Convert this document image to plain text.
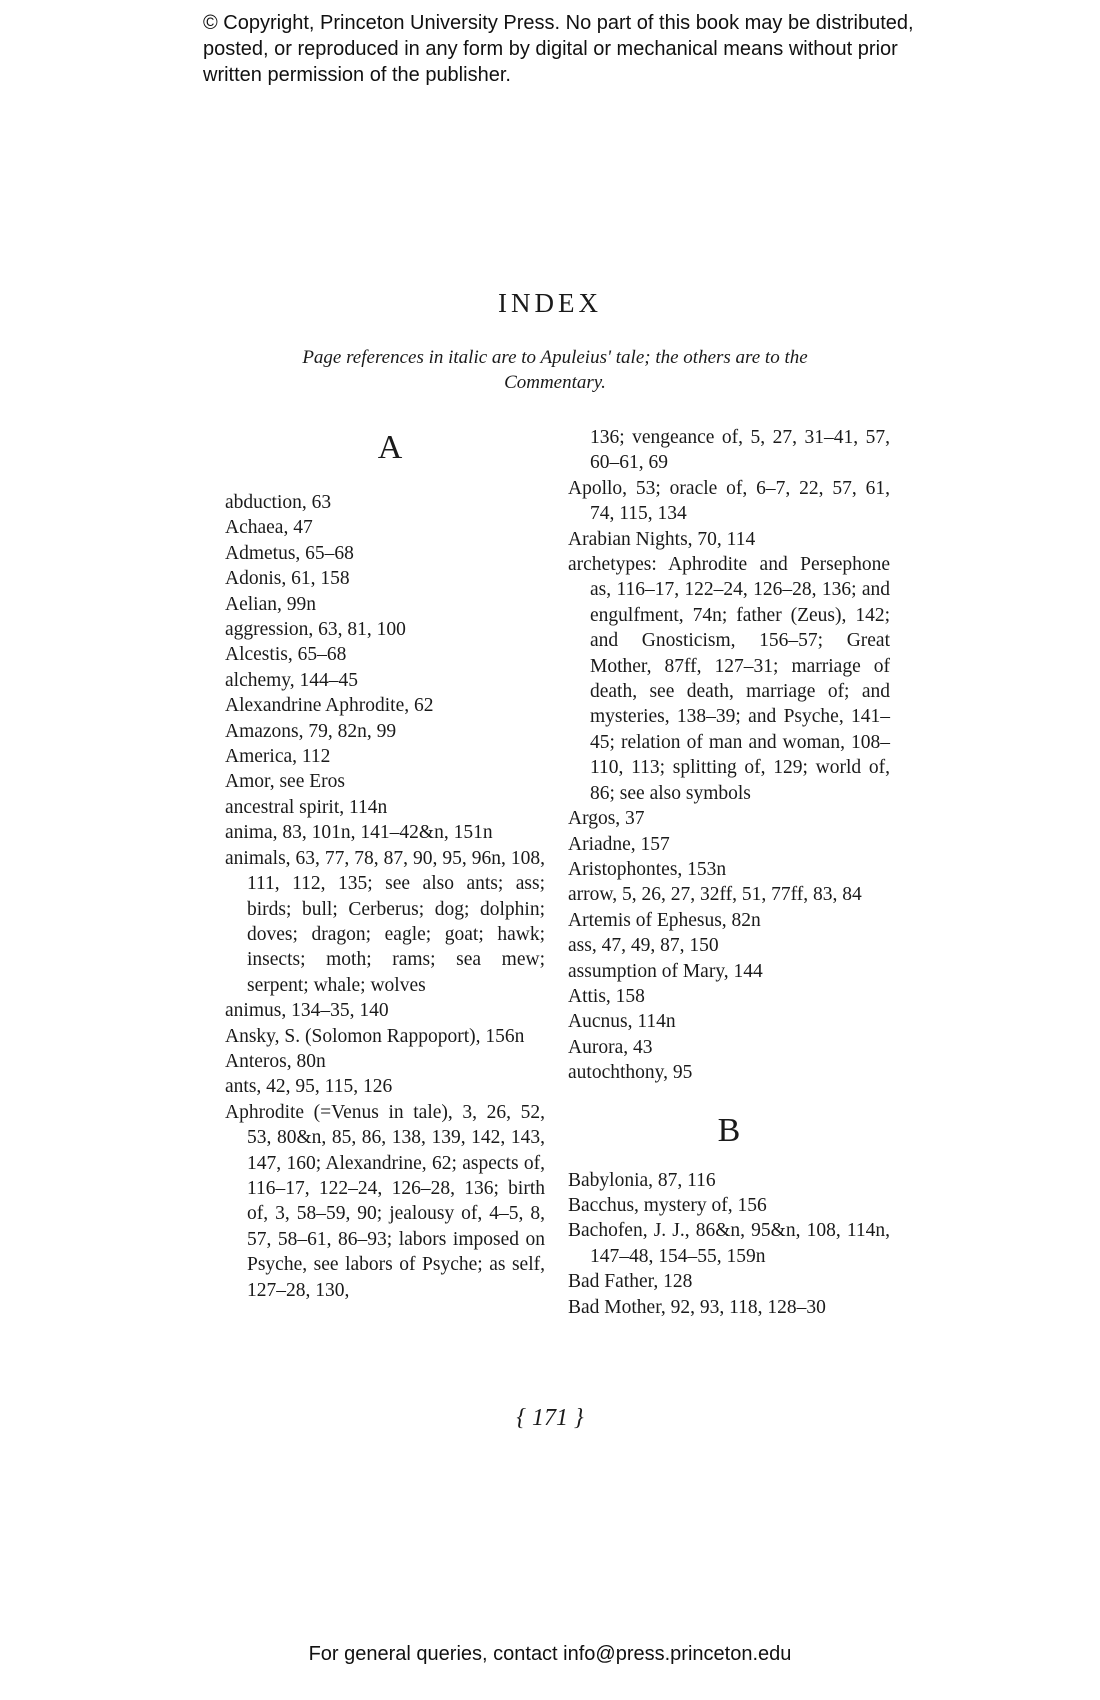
© Copyright, Princeton University Press. No part of this book may be distributed, posted, or reproduced in any form by digital or mechanical means without prior written permission of the publisher.
INDEX
Page references in italic are to Apuleius' tale; the others are to the Commentary.
A
abduction, 63
Achaea, 47
Admetus, 65–68
Adonis, 61, 158
Aelian, 99n
aggression, 63, 81, 100
Alcestis, 65–68
alchemy, 144–45
Alexandrine Aphrodite, 62
Amazons, 79, 82n, 99
America, 112
Amor, see Eros
ancestral spirit, 114n
anima, 83, 101n, 141–42&n, 151n
animals, 63, 77, 78, 87, 90, 95, 96n, 108, 111, 112, 135; see also ants; ass; birds; bull; Cerberus; dog; dolphin; doves; dragon; eagle; goat; hawk; insects; moth; rams; sea mew; serpent; whale; wolves
animus, 134–35, 140
Ansky, S. (Solomon Rappoport), 156n
Anteros, 80n
ants, 42, 95, 115, 126
Aphrodite (=Venus in tale), 3, 26, 52, 53, 80&n, 85, 86, 138, 139, 142, 143, 147, 160; Alexandrine, 62; aspects of, 116–17, 122–24, 126–28, 136; birth of, 3, 58–59, 90; jealousy of, 4–5, 8, 57, 58–61, 86–93; labors imposed on Psyche, see labors of Psyche; as self, 127–28, 130,
136; vengeance of, 5, 27, 31–41, 57, 60–61, 69
Apollo, 53; oracle of, 6–7, 22, 57, 61, 74, 115, 134
Arabian Nights, 70, 114
archetypes: Aphrodite and Persephone as, 116–17, 122–24, 126–28, 136; and engulfment, 74n; father (Zeus), 142; and Gnosticism, 156–57; Great Mother, 87ff, 127–31; marriage of death, see death, marriage of; and mysteries, 138–39; and Psyche, 141–45; relation of man and woman, 108–110, 113; splitting of, 129; world of, 86; see also symbols
Argos, 37
Ariadne, 157
Aristophontes, 153n
arrow, 5, 26, 27, 32ff, 51, 77ff, 83, 84
Artemis of Ephesus, 82n
ass, 47, 49, 87, 150
assumption of Mary, 144
Attis, 158
Aucnus, 114n
Aurora, 43
autochthony, 95
B
Babylonia, 87, 116
Bacchus, mystery of, 156
Bachofen, J. J., 86&n, 95&n, 108, 114n, 147–48, 154–55, 159n
Bad Father, 128
Bad Mother, 92, 93, 118, 128–30
{ 171 }
For general queries, contact info@press.princeton.edu
